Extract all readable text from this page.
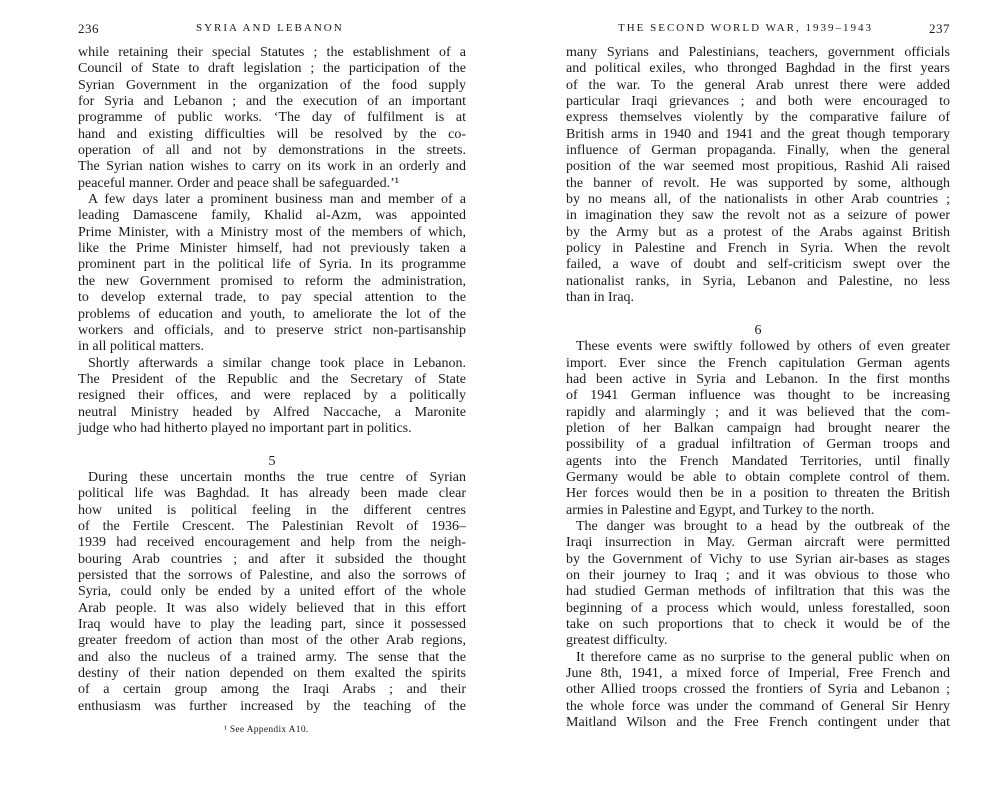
236	SYRIA AND LEBANON
while retaining their special Statutes ; the establishment of a
Council of State to draft legislation ; the participation of the
Syrian Government in the organization of the food supply
for Syria and Lebanon ; and the execution of an important
programme of public works. ‘The day of fulfilment is at
hand and existing difficulties will be resolved by the co-
operation of all and not by demonstrations in the streets.
The Syrian nation wishes to carry on its work in an orderly and
peaceful manner. Order and peace shall be safeguarded.’¹
A few days later a prominent business man and member of a
leading Damascene family, Khalid al-Azm, was appointed
Prime Minister, with a Ministry most of the members of which,
like the Prime Minister himself, had not previously taken a
prominent part in the political life of Syria. In its programme
the new Government promised to reform the administration,
to develop external trade, to pay special attention to the
problems of education and youth, to ameliorate the lot of the
workers and officials, and to preserve strict non-partisanship
in all political matters.
Shortly afterwards a similar change took place in Lebanon.
The President of the Republic and the Secretary of State
resigned their offices, and were replaced by a politically
neutral Ministry headed by Alfred Naccache, a Maronite
judge who had hitherto played no important part in politics.
5
During these uncertain months the true centre of Syrian
political life was Baghdad. It has already been made clear
how united is political feeling in the different centres
of the Fertile Crescent. The Palestinian Revolt of 1936–
1939 had received encouragement and help from the neigh-
bouring Arab countries ; and after it subsided the thought
persisted that the sorrows of Palestine, and also the sorrows of
Syria, could only be ended by a united effort of the whole
Arab people. It was also widely believed that in this effort
Iraq would have to play the leading part, since it possessed
greater freedom of action than most of the other Arab regions,
and also the nucleus of a trained army. The sense that the
destiny of their nation depended on them exalted the spirits
of a certain group among the Iraqi Arabs ; and their
enthusiasm was further increased by the teaching of the
¹ See Appendix A10.
THE SECOND WORLD WAR, 1939–1943	237
many Syrians and Palestinians, teachers, government officials
and political exiles, who thronged Baghdad in the first years
of the war. To the general Arab unrest there were added
particular Iraqi grievances ; and both were encouraged to
express themselves violently by the comparative failure of
British arms in 1940 and 1941 and the great though temporary
influence of German propaganda. Finally, when the general
position of the war seemed most propitious, Rashid Ali raised
the banner of revolt. He was supported by some, although
by no means all, of the nationalists in other Arab countries ;
in imagination they saw the revolt not as a seizure of power
by the Army but as a protest of the Arabs against British
policy in Palestine and French in Syria. When the revolt
failed, a wave of doubt and self-criticism swept over the
nationalist ranks, in Syria, Lebanon and Palestine, no less
than in Iraq.
6
These events were swiftly followed by others of even greater
import. Ever since the French capitulation German agents
had been active in Syria and Lebanon. In the first months
of 1941 German influence was thought to be increasing
rapidly and alarmingly ; and it was believed that the com-
pletion of her Balkan campaign had brought nearer the
possibility of a gradual infiltration of German troops and
agents into the French Mandated Territories, until finally
Germany would be able to obtain complete control of them.
Her forces would then be in a position to threaten the British
armies in Palestine and Egypt, and Turkey to the north.
The danger was brought to a head by the outbreak of the
Iraqi insurrection in May. German aircraft were permitted
by the Government of Vichy to use Syrian air-bases as stages
on their journey to Iraq ; and it was obvious to those who
had studied German methods of infiltration that this was the
beginning of a process which would, unless forestalled, soon
take on such proportions that to check it would be of the
greatest difficulty.
It therefore came as no surprise to the general public when on
June 8th, 1941, a mixed force of Imperial, Free French and
other Allied troops crossed the frontiers of Syria and Lebanon ;
the whole force was under the command of General Sir Henry
Maitland Wilson and the Free French contingent under that
